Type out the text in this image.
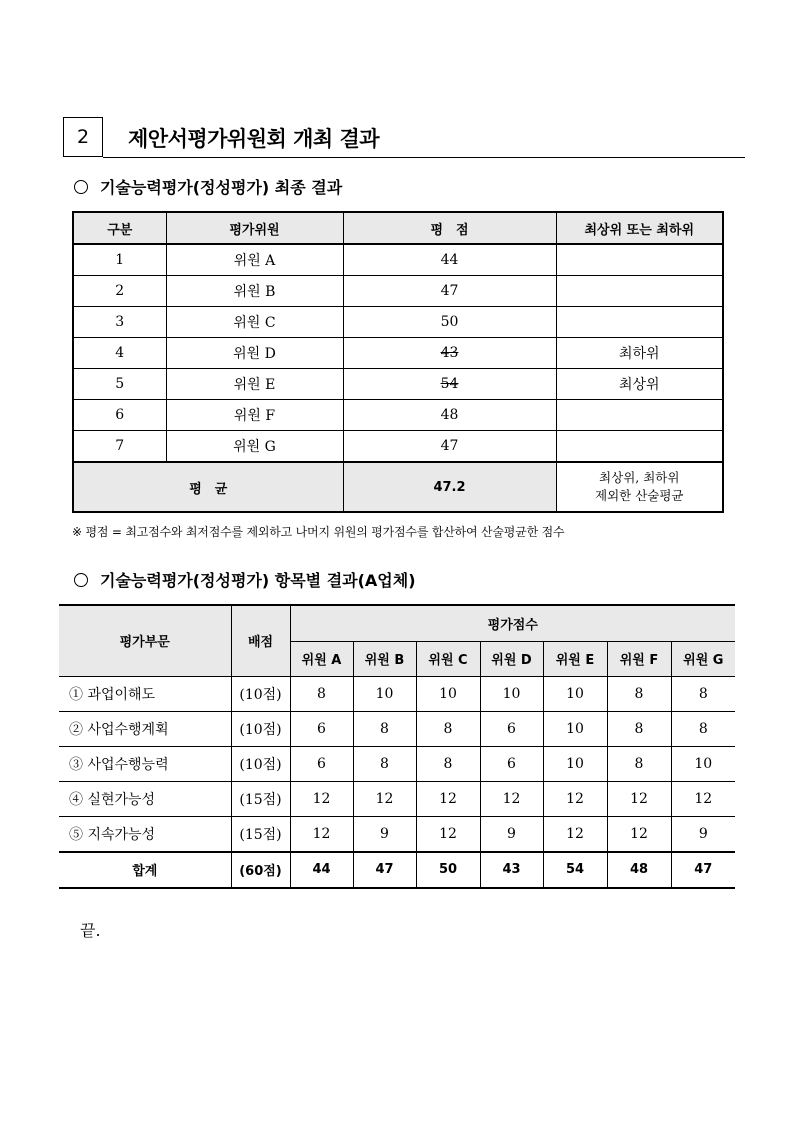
2	제안서평가위원회 개최 결과
기술능력평가(정성평가) 최종 결과
구분	평가위원	평　점	최상위 또는 최하위
1	위원 A	44	
2	위원 B	47	
3	위원 C	50	
4	위원 D	43	최하위
5	위원 E	54	최상위
6	위원 F	48	
7	위원 G	47	
평　균		47.2	최상위, 최하위
제외한 산술평균
※ 평점 = 최고점수와 최저점수를 제외하고 나머지 위원의 평가점수를 합산하여 산술평균한 점수
기술능력평가(정성평가) 항목별 결과(A업체)
평가부문	배점	평가점수						
		위원 A	위원 B	위원 C	위원 D	위원 E	위원 F	위원 G
① 과업이해도	(10점)	8	10	10	10	10	8	8
② 사업수행계획	(10점)	6	8	8	6	10	8	8
③ 사업수행능력	(10점)	6	8	8	6	10	8	10
④ 실현가능성	(15점)	12	12	12	12	12	12	12
⑤ 지속가능성	(15점)	12	9	12	9	12	12	9
합계	(60점)	44	47	50	43	54	48	47
끝.
